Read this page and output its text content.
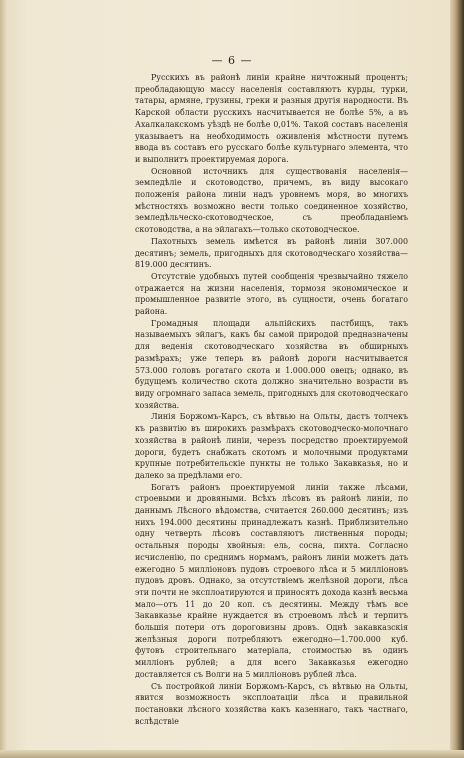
— 6 —

Русскихъ въ районѣ линіи крайне ничтожный процентъ; преобладающую массу населенія составляютъ курды, турки, татары, армяне, грузины, греки и разныя другія народности. Въ Карской области русскихъ насчитывается не болѣе 5%, а въ Ахалкалакскомъ уѣздѣ не болѣе 0,01%. Такой составъ населенія указываетъ на необходимость оживленія мѣстности путемъ ввода въ составъ его русскаго болѣе культурнаго элемента, что и выполнитъ проектируемая дорога.

Основной источникъ для существованія населенія—земледѣліе и скотоводство, причемъ, въ виду высокаго положенія района линіи надъ уровнемъ моря, во многихъ мѣстностяхъ возможно вести только соединенное хозяйство, земледѣльческо-скотоводческое, съ преобладаніемъ скотоводства, а на эйлагахъ—только скотоводческое.

Пахотныхъ земель имѣется въ районѣ линіи 307.000 десятинъ; земель, пригодныхъ для скотоводческаго хозяйства—819.000 десятинъ.

Отсутствіе удобныхъ путей сообщенія чрезвычайно тяжело отражается на жизни населенія, тормозя экономическое и промышленное развитіе этого, въ сущности, очень богатаго района.

Громадныя площади альпійскихъ пастбищъ, такъ называемыхъ эйлагъ, какъ бы самой природой предназначены для веденія скотоводческаго хозяйства въ обширныхъ размѣрахъ; уже теперь въ районѣ дороги насчитывается 573.000 головъ рогатаго скота и 1.000.000 овецъ; однако, въ будущемъ количество скота должно значительно возрасти въ виду огромнаго запаса земель, пригодныхъ для скотоводческаго хозяйства.

Линія Боржомъ-Карсъ, съ вѣтвью на Ольты, дастъ толчекъ къ развитію въ широкихъ размѣрахъ скотоводческо-молочнаго хозяйства в районѣ линіи, черезъ посредство проектируемой дороги, будетъ снабжать скотомъ и молочными продуктами крупные потребительскіе пункты не только Закавказья, но и далеко за предѣлами его.

Богатъ районъ проектируемой линіи также лѣсами, строевыми и дровяными. Всѣхъ лѣсовъ въ районѣ линіи, по даннымъ Лѣсного вѣдомства, считается 260.000 десятинъ; изъ нихъ 194.000 десятины принадлежатъ казнѣ. Приблизительно одну четверть лѣсовъ составляютъ лиственныя породы; остальныя породы хвойныя: ель, сосна, пихта. Согласно исчисленію, по среднимъ нормамъ, районъ линіи можетъ дать ежегодно 5 милліоновъ пудовъ строевого лѣса и 5 милліоновъ пудовъ дровъ. Однако, за отсутствіемъ желѣзной дороги, лѣса эти почти не эксплоатируются и приносятъ дохода казнѣ весьма мало—отъ 11 до 20 коп. съ десятины. Между тѣмъ все Закавказье крайне нуждается въ строевомъ лѣсѣ и терпитъ большія потери отъ дороговизны дровъ. Однѣ закавказскія желѣзныя дороги потребляютъ ежегодно—1.700.000 куб. футовъ строительнаго матеріала, стоимостью въ одинъ милліонъ рублей; а для всего Закавказья ежегодно доставляется съ Волги на 5 милліоновъ рублей лѣса.

Съ постройкой линіи Боржомъ-Карсъ, съ вѣтвью на Ольты, явится возможность эксплоатаціи лѣса и правильной постановки лѣсного хозяйства какъ казеннаго, такъ частнаго, вслѣдствіе
